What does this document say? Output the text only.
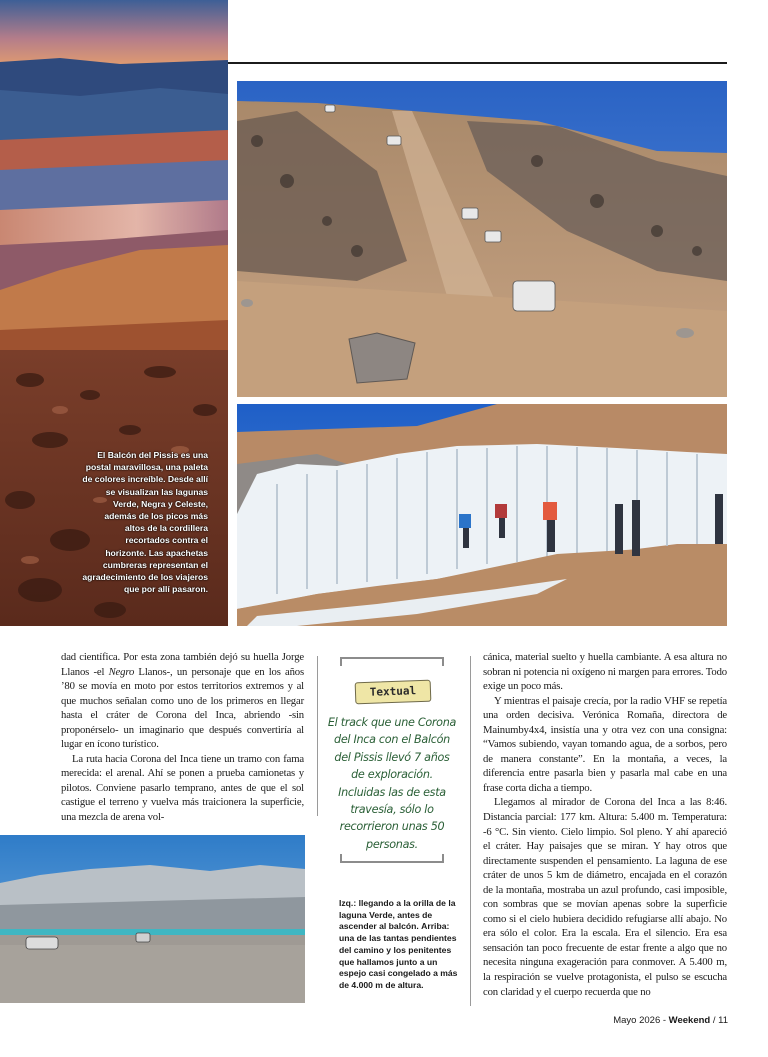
El Balcón del Pissis es una postal maravillosa, una paleta de colores increíble. Desde allí se visualizan las lagunas Verde, Negra y Celeste, además de los picos más altos de la cordillera recortados contra el horizonte. Las apachetas cumbreras representan el agradecimiento de los viajeros que por allí pasaron.

dad científica. Por esta zona también dejó su huella Jorge Llanos -el Negro Llanos-, un personaje que en los años ’80 se movía en moto por estos territorios extremos y al que muchos señalan como uno de los primeros en llegar hasta el cráter de Corona del Inca, abriendo -sin proponérselo- un imaginario que después convertiría al lugar en ícono turístico.

La ruta hacia Corona del Inca tiene un tramo con fama merecida: el arenal. Ahí se ponen a prueba camionetas y pilotos. Conviene pasarlo temprano, antes de que el sol castigue el terreno y vuelva más traicionera la superficie, una mezcla de arena vol-

Textual
El track que une Corona del Inca con el Balcón del Pissis llevó 7 años de exploración. Incluidas las de esta travesía, sólo lo recorrieron unas 50 personas.
Izq.: llegando a la orilla de la laguna Verde, antes de ascender al balcón. Arriba: una de las tantas pendientes del camino y los penitentes que hallamos junto a un espejo casi congelado a más de 4.000 m de altura.

cánica, material suelto y huella cambiante. A esa altura no sobran ni potencia ni oxígeno ni margen para errores. Todo exige un poco más.

Y mientras el paisaje crecía, por la radio VHF se repetía una orden decisiva. Verónica Romaña, directora de Mainumby4x4, insistía una y otra vez con una consigna: “Vamos subiendo, vayan tomando agua, de a sorbos, pero de manera constante”. En la montaña, a veces, la diferencia entre pasarla bien y pasarla mal cabe en una frase corta dicha a tiempo.

Llegamos al mirador de Corona del Inca a las 8:46. Distancia parcial: 177 km. Altura: 5.400 m. Temperatura: -6 °C. Sin viento. Cielo limpio. Sol pleno. Y ahí apareció el cráter. Hay paisajes que se miran. Y hay otros que directamente suspenden el pensamiento. La laguna de ese cráter de unos 5 km de diámetro, encajada en el corazón de la montaña, mostraba un azul profundo, casi imposible, con sombras que se movían apenas sobre la superficie como si el cielo hubiera decidido refugiarse allí abajo. No era sólo el color. Era la escala. Era el silencio. Era esa sensación tan poco frecuente de estar frente a algo que no necesita ninguna exageración para conmover. A 5.400 m, la respiración se vuelve protagonista, el pulso se escucha con claridad y el cuerpo recuerda que no

Mayo 2026 - Weekend / 11
